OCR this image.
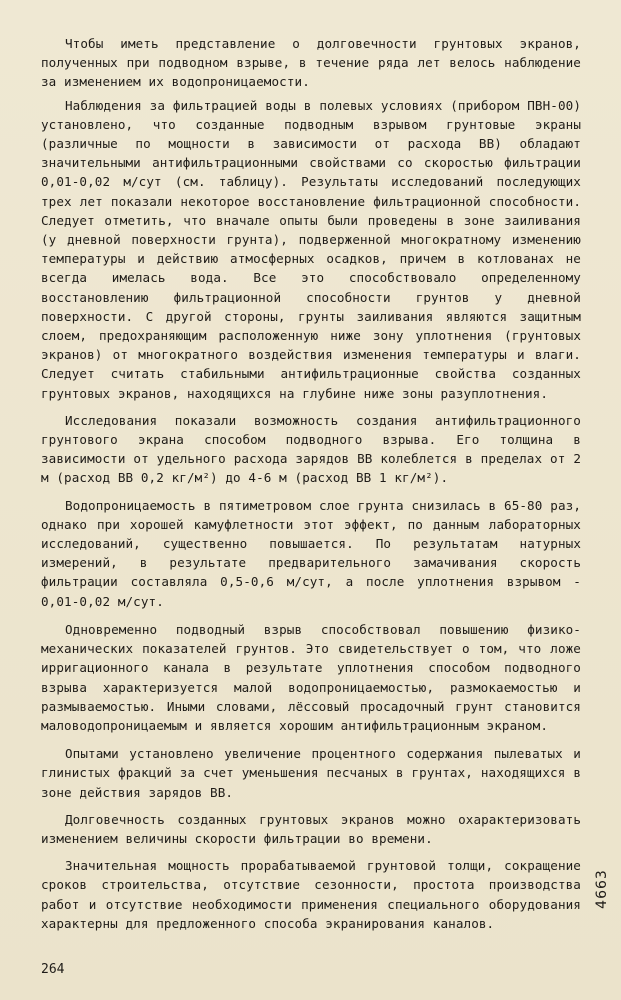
Чтобы иметь представление о долговечности грунтовых экранов, полученных при подводном взрыве, в течение ряда лет велось наблюдение за изменением их водопроницаемости.

Наблюдения за фильтрацией воды в полевых условиях (прибором ПВН-00) установлено, что созданные подводным взрывом грунтовые экраны (различные по мощности в зависимости от расхода ВВ) обладают значительными антифильтрационными свойствами со скоростью фильтрации 0,01-0,02 м/сут (см. таблицу). Результаты исследований последующих трех лет показали некоторое восстановление фильтрационной способности. Следует отметить, что вначале опыты были проведены в зоне заиливания (у дневной поверхности грунта), подверженной многократному изменению температуры и действию атмосферных осадков, причем в котлованах не всегда имелась вода. Все это способствовало определенному восстановлению фильтрационной способности грунтов у дневной поверхности. С другой стороны, грунты заиливания являются защитным слоем, предохраняющим расположенную ниже зону уплотнения (грунтовых экранов) от многократного воздействия изменения температуры и влаги. Следует считать стабильными антифильтрационные свойства созданных грунтовых экранов, находящихся на глубине ниже зоны разуплотнения.

Исследования показали возможность создания антифильтрационного грунтового экрана способом подводного взрыва. Его толщина в зависимости от удельного расхода зарядов ВВ колеблется в пределах от 2 м (расход ВВ 0,2 кг/м²) до 4-6 м (расход ВВ 1 кг/м²).

Водопроницаемость в пятиметровом слое грунта снизилась в 65-80 раз, однако при хорошей камуфлетности этот эффект, по данным лабораторных исследований, существенно повышается. По результатам натурных измерений, в результате предварительного замачивания скорость фильтрации составляла 0,5-0,6 м/сут, а после уплотнения взрывом - 0,01-0,02 м/сут.

Одновременно подводный взрыв способствовал повышению физико-механических показателей грунтов. Это свидетельствует о том, что ложе ирригационного канала в результате уплотнения способом подводного взрыва характеризуется малой водопроницаемостью, размокаемостью и размываемостью. Иными словами, лёссовый просадочный грунт становится маловодопроницаемым и является хорошим антифильтрационным экраном.

Опытами установлено увеличение процентного содержания пылеватых и глинистых фракций за счет уменьшения песчаных в грунтах, находящихся в зоне действия зарядов ВВ.

Долговечность созданных грунтовых экранов можно охарактеризовать изменением величины скорости фильтрации во времени.

Значительная мощность прорабатываемой грунтовой толщи, сокращение сроков строительства, отсутствие сезонности, простота производства работ и отсутствие необходимости применения специального оборудования характерны для предложенного способа экранирования каналов.

264
4663
